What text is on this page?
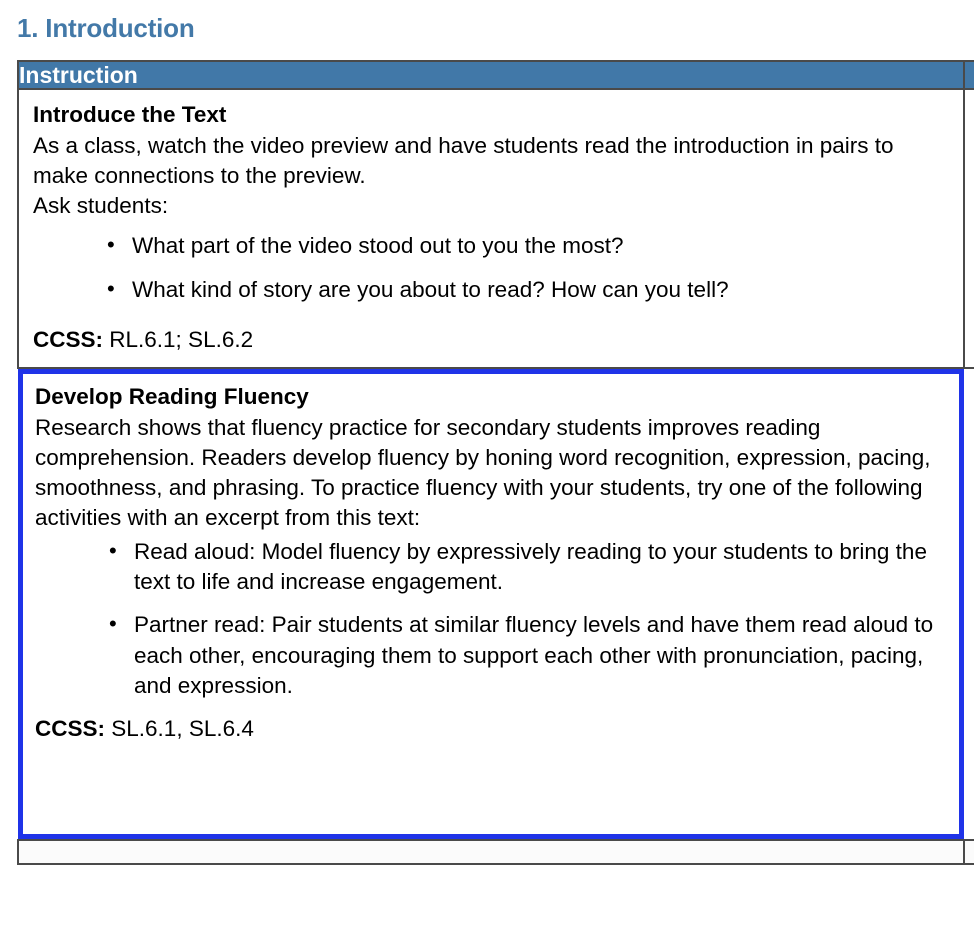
1. Introduction
Instruction	

Introduce the Text
As a class, watch the video preview and have students read the introduction in pairs to make connections to the preview.
Ask students:
• What part of the video stood out to you the most?
• What kind of story are you about to read? How can you tell?
CCSS: RL.6.1; SL.6.2

Develop Reading Fluency
Research shows that fluency practice for secondary students improves reading comprehension. Readers develop fluency by honing word recognition, expression, pacing, smoothness, and phrasing. To practice fluency with your students, try one of the following activities with an excerpt from this text:
• Read aloud: Model fluency by expressively reading to your students to bring the text to life and increase engagement.
• Partner read: Pair students at similar fluency levels and have them read aloud to each other, encouraging them to support each other with pronunciation, pacing, and expression.
CCSS: SL.6.1, SL.6.4
